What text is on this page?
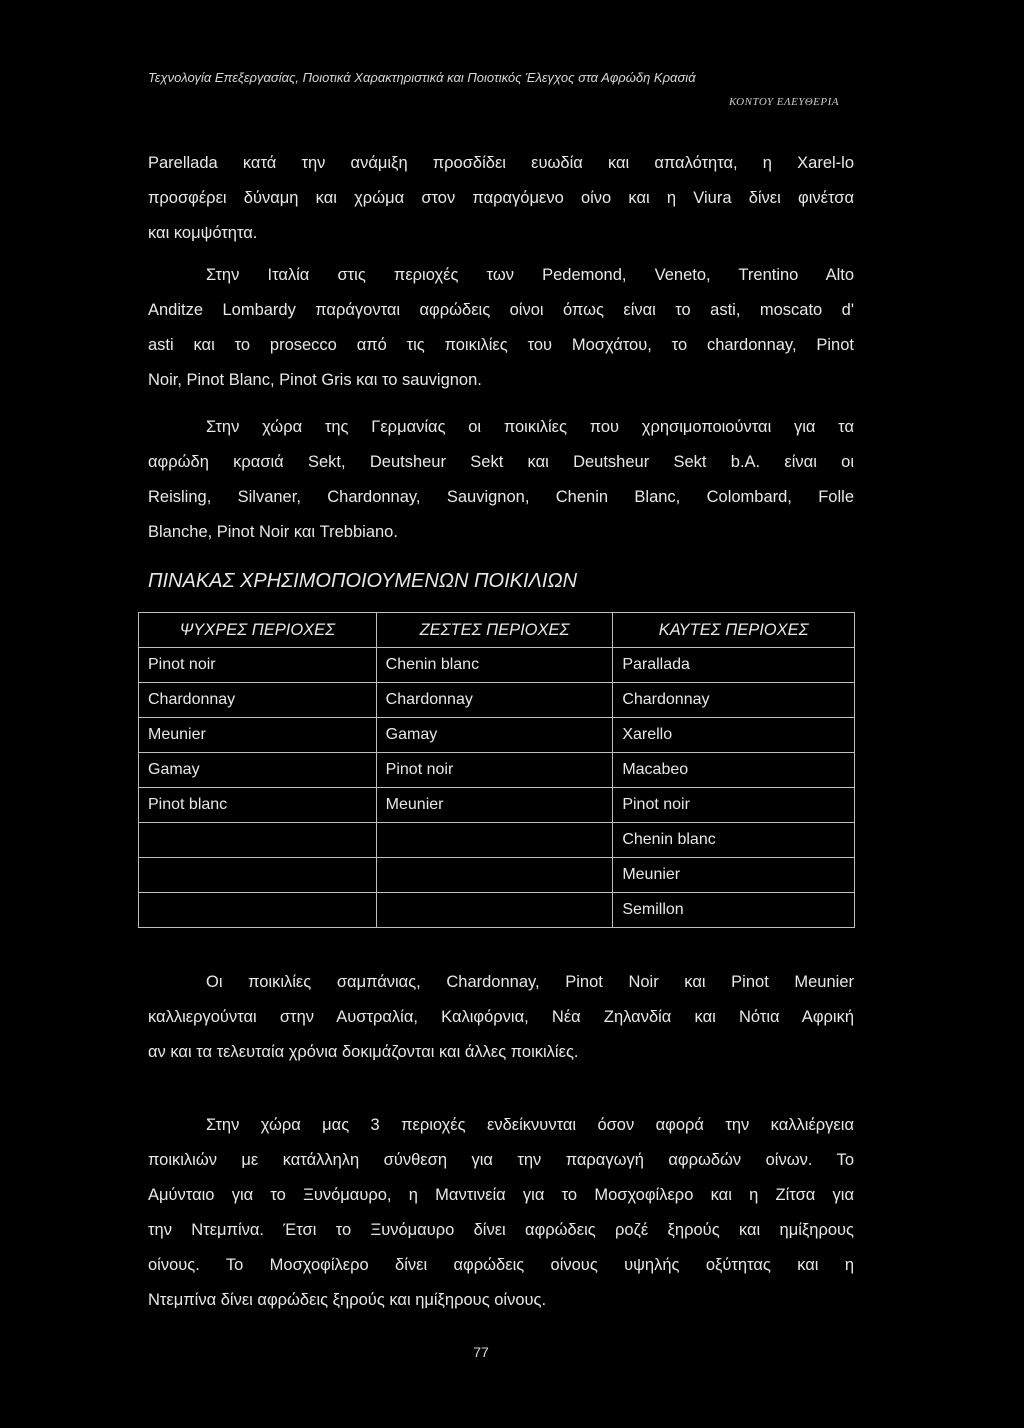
Τεχνολογία Επεξεργασίας, Ποιοτικά Χαρακτηριστικά και Ποιοτικός Έλεγχος στα Αφρώδη Κρασιά
ΚΟΝΤΟΥ ΕΛΕΥΘΕΡΙΑ
Parellada κατά την ανάμιξη προσδίδει ευωδία και απαλότητα, η Xarel-lo
προσφέρει δύναμη και χρώμα στον παραγόμενο οίνο και η Viura δίνει φινέτσα
και κομψότητα.
Στην Ιταλία στις περιοχές των Pedemond, Veneto, Trentino Alto
Anditze Lombardy παράγονται αφρώδεις οίνοι όπως είναι το asti, moscato d'
asti και το prosecco από τις ποικιλίες του Μοσχάτου, το chardonnay, Pinot
Noir, Pinot Blanc, Pinot Gris και το sauvignon.
Στην χώρα της Γερμανίας οι ποικιλίες που χρησιμοποιούνται για τα
αφρώδη κρασιά Sekt, Deutsheur Sekt και Deutsheur Sekt b.A. είναι οι
Reisling, Silvaner, Chardonnay, Sauvignon, Chenin Blanc, Colombard, Folle
Blanche, Pinot Noir και Trebbiano.
ΠΙΝΑΚΑΣ ΧΡΗΣΙΜΟΠΟΙΟΥΜΕΝΩΝ ΠΟΙΚΙΛΙΩΝ
ΨΥΧΡΕΣ ΠΕΡΙΟΧΕΣ	ΖΕΣΤΕΣ ΠΕΡΙΟΧΕΣ	ΚΑΥΤΕΣ ΠΕΡΙΟΧΕΣ
Pinot noir	Chenin blanc	Parallada
Chardonnay	Chardonnay	Chardonnay
Meunier	Gamay	Xarello
Gamay	Pinot noir	Macabeo
Pinot blanc	Meunier	Pinot noir
		Chenin blanc
		Meunier
		Semillon
Οι ποικιλίες σαμπάνιας, Chardonnay, Pinot Noir και Pinot Meunier
καλλιεργούνται στην Αυστραλία, Καλιφόρνια, Νέα Ζηλανδία και Νότια Αφρική
αν και τα τελευταία χρόνια δοκιμάζονται και άλλες ποικιλίες.
Στην χώρα μας 3 περιοχές ενδείκνυνται όσον αφορά την καλλιέργεια
ποικιλιών με κατάλληλη σύνθεση για την παραγωγή αφρωδών οίνων. Το
Αμύνταιο για το Ξυνόμαυρο, η Μαντινεία για το Μοσχοφίλερο και η Ζίτσα για
την Ντεμπίνα. Έτσι το Ξυνόμαυρο δίνει αφρώδεις ροζέ ξηρούς και ημίξηρους
οίνους. Το Μοσχοφίλερο δίνει αφρώδεις οίνους υψηλής οξύτητας και η
Ντεμπίνα δίνει αφρώδεις ξηρούς και ημίξηρους οίνους.
77
